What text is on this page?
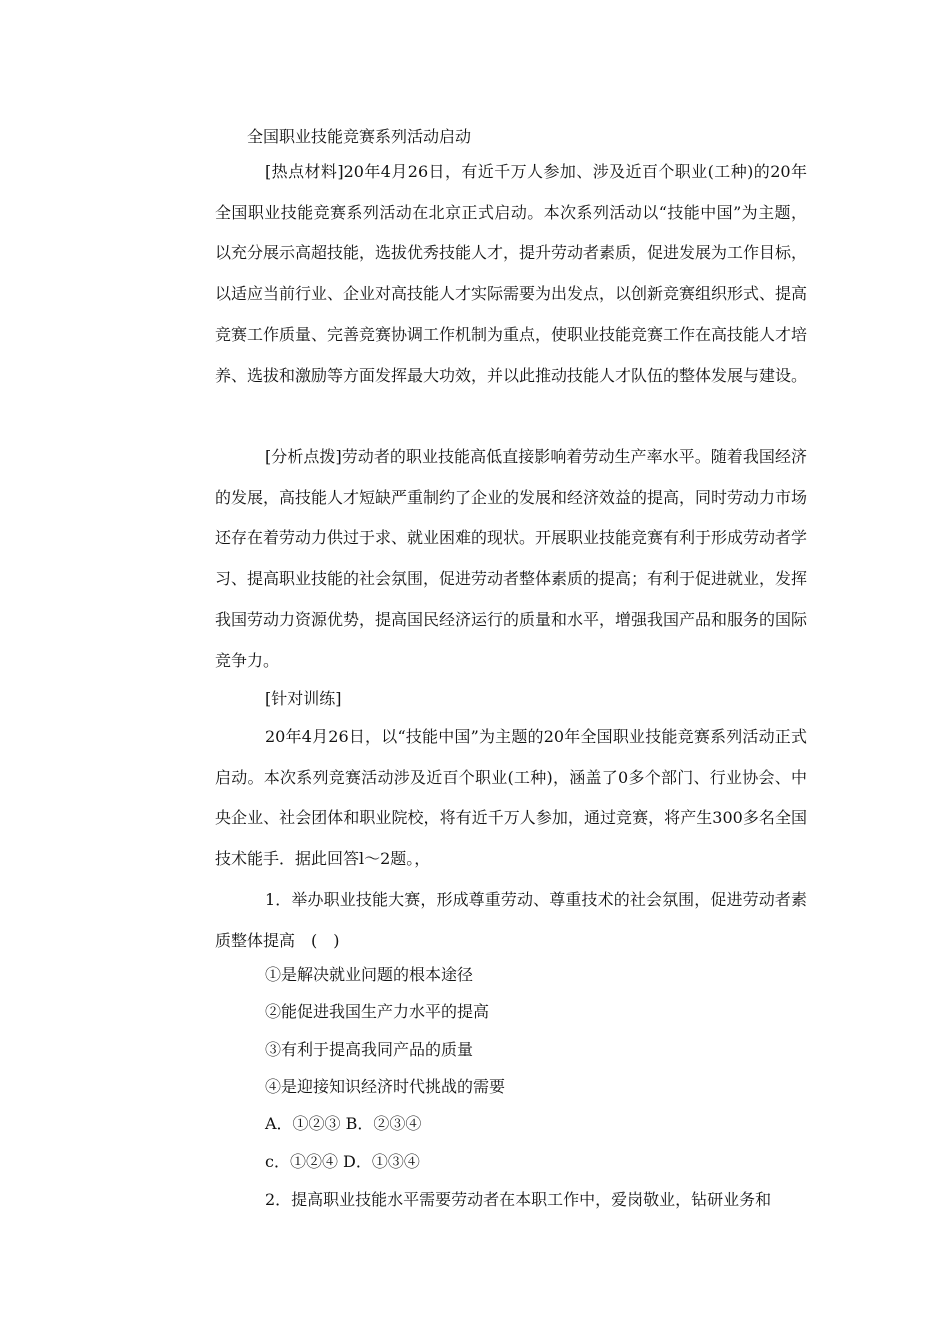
全国职业技能竞赛系列活动启动

[热点材料]20年4月26日，有近千万人参加、涉及近百个职业(工种)的20年全国职业技能竞赛系列活动在北京正式启动。本次系列活动以“技能中国”为主题，以充分展示高超技能，选拔优秀技能人才，提升劳动者素质，促进发展为工作目标，以适应当前行业、企业对高技能人才实际需要为出发点，以创新竞赛组织形式、提高竞赛工作质量、完善竞赛协调工作机制为重点，使职业技能竞赛工作在高技能人才培养、选拔和激励等方面发挥最大功效，并以此推动技能人才队伍的整体发展与建设。

[分析点拨]劳动者的职业技能高低直接影响着劳动生产率水平。随着我国经济的发展，高技能人才短缺严重制约了企业的发展和经济效益的提高，同时劳动力市场还存在着劳动力供过于求、就业困难的现状。开展职业技能竞赛有利于形成劳动者学习、提高职业技能的社会氛围，促进劳动者整体素质的提高；有利于促进就业，发挥我国劳动力资源优势，提高国民经济运行的质量和水平，增强我国产品和服务的国际竞争力。

[针对训练]

20年4月26日，以“技能中国”为主题的20年全国职业技能竞赛系列活动正式启动。本次系列竞赛活动涉及近百个职业(工种)，涵盖了0多个部门、行业协会、中央企业、社会团体和职业院校，将有近千万人参加，通过竞赛，将产生300多名全国技术能手．据此回答l～2题。，

1．举办职业技能大赛，形成尊重劳动、尊重技术的社会氛围，促进劳动者素质整体提高　(　)

①是解决就业问题的根本途径
②能促进我国生产力水平的提高
③有利于提高我同产品的质量
④是迎接知识经济时代挑战的需要
A．①②③ B．②③④
c．①②④ D．①③④

2．提高职业技能水平需要劳动者在本职工作中，爱岗敬业，钻研业务和
